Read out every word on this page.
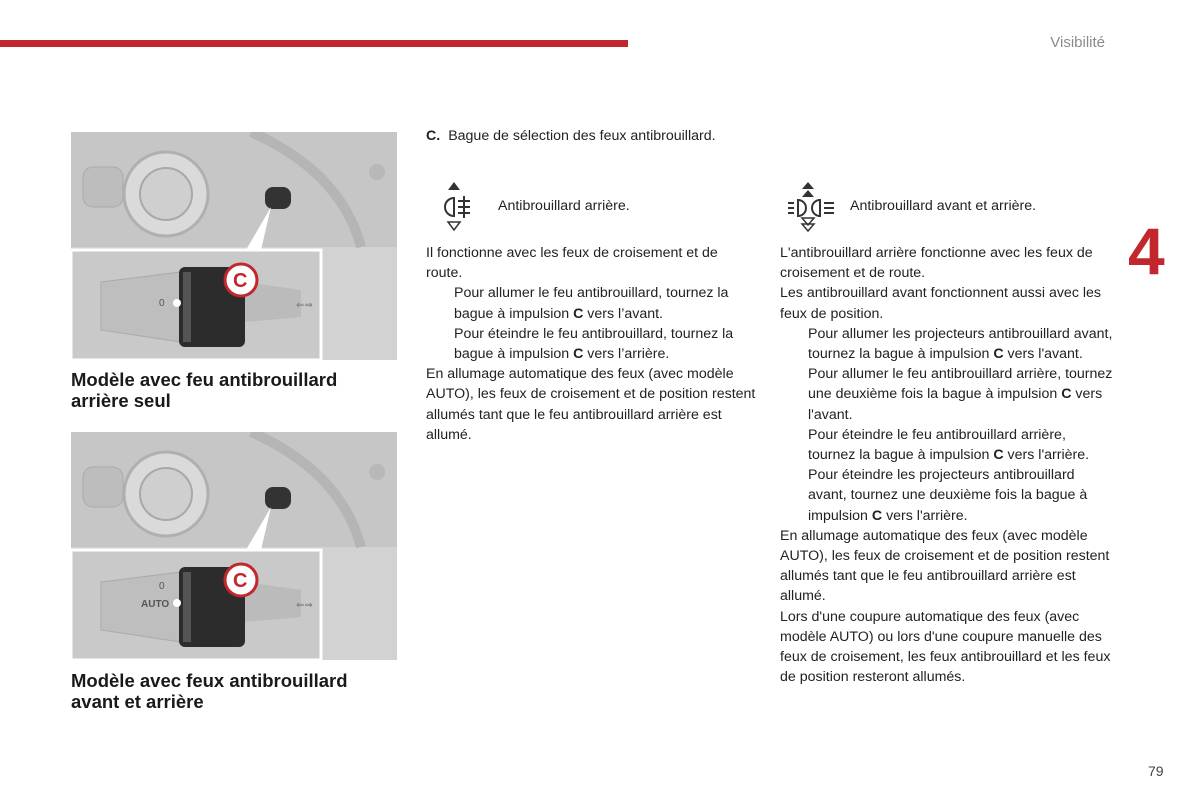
Visibilité
4
79
0	⇐⇒
C
Modèle avec feu antibrouillard
arrière seul
0
AUTO	⇐⇒
C
Modèle avec feux antibrouillard
avant et arrière
C. Bague de sélection des feux antibrouillard.
Antibrouillard arrière.	Antibrouillard avant et arrière.

Il fonctionne avec les feux de croisement et de route.

Pour allumer le feu antibrouillard, tournez la bague à impulsion C vers l’avant.
Pour éteindre le feu antibrouillard, tournez la bague à impulsion C vers l’arrière.

En allumage automatique des feux (avec modèle AUTO), les feux de croisement et de position restent allumés tant que le feu antibrouillard arrière est allumé.

L'antibrouillard arrière fonctionne avec les feux de croisement et de route.

Les antibrouillard avant fonctionnent aussi avec les feux de position.

Pour allumer les projecteurs antibrouillard avant, tournez la bague à impulsion C vers l'avant.
Pour allumer le feu antibrouillard arrière, tournez une deuxième fois la bague à impulsion C vers l'avant.
Pour éteindre le feu antibrouillard arrière, tournez la bague à impulsion C vers l'arrière.
Pour éteindre les projecteurs antibrouillard avant, tournez une deuxième fois la bague à impulsion C vers l'arrière.

En allumage automatique des feux (avec modèle AUTO), les feux de croisement et de position restent allumés tant que le feu antibrouillard arrière est allumé.

Lors d'une coupure automatique des feux (avec modèle AUTO) ou lors d'une coupure manuelle des feux de croisement, les feux antibrouillard et les feux de position resteront allumés.
